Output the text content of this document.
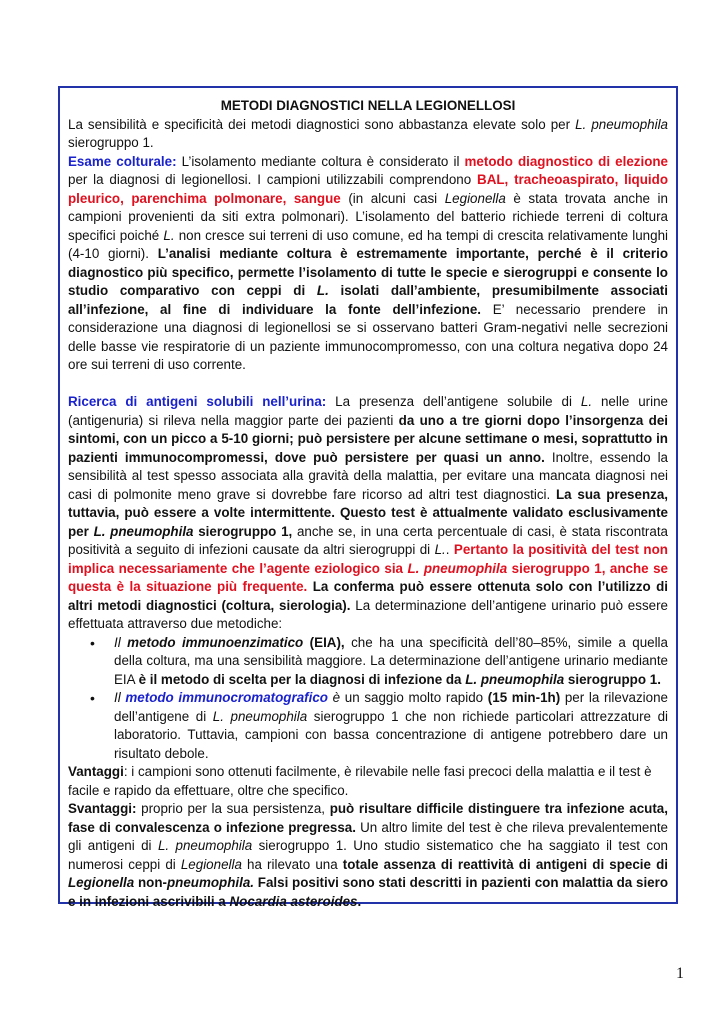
METODI DIAGNOSTICI NELLA LEGIONELLOSI
La sensibilità e specificità dei metodi diagnostici sono abbastanza elevate solo per L. pneumophila sierogruppo 1.
Esame colturale: L’isolamento mediante coltura è considerato il metodo diagnostico di elezione per la diagnosi di legionellosi. I campioni utilizzabili comprendono BAL, tracheoaspirato, liquido pleurico, parenchima polmonare, sangue (in alcuni casi Legionella è stata trovata anche in campioni provenienti da siti extra polmonari). L’isolamento del batterio richiede terreni di coltura specifici poiché L. non cresce sui terreni di uso comune, ed ha tempi di crescita relativamente lunghi (4-10 giorni). L’analisi mediante coltura è estremamente importante, perché è il criterio diagnostico più specifico, permette l’isolamento di tutte le specie e sierogruppi e consente lo studio comparativo con ceppi di L. isolati dall’ambiente, presumibilmente associati all’infezione, al fine di individuare la fonte dell’infezione. E’ necessario prendere in considerazione una diagnosi di legionellosi se si osservano batteri Gram-negativi nelle secrezioni delle basse vie respiratorie di un paziente immunocompromesso, con una coltura negativa dopo 24 ore sui terreni di uso corrente.
Ricerca di antigeni solubili nell’urina: La presenza dell’antigene solubile di L. nelle urine (antigenuria) si rileva nella maggior parte dei pazienti da uno a tre giorni dopo l’insorgenza dei sintomi, con un picco a 5-10 giorni; può persistere per alcune settimane o mesi, soprattutto in pazienti immunocompromessi, dove può persistere per quasi un anno. Inoltre, essendo la sensibilità al test spesso associata alla gravità della malattia, per evitare una mancata diagnosi nei casi di polmonite meno grave si dovrebbe fare ricorso ad altri test diagnostici. La sua presenza, tuttavia, può essere a volte intermittente. Questo test è attualmente validato esclusivamente per L. pneumophila sierogruppo 1, anche se, in una certa percentuale di casi, è stata riscontrata positività a seguito di infezioni causate da altri sierogruppi di L.. Pertanto la positività del test non implica necessariamente che l’agente eziologico sia L. pneumophila sierogruppo 1, anche se questa è la situazione più frequente. La conferma può essere ottenuta solo con l’utilizzo di altri metodi diagnostici (coltura, sierologia). La determinazione dell’antigene urinario può essere effettuata attraverso due metodiche:
• Il metodo immunoenzimatico (EIA), che ha una specificità dell’80–85%, simile a quella della coltura, ma una sensibilità maggiore. La determinazione dell’antigene urinario mediante EIA è il metodo di scelta per la diagnosi di infezione da L. pneumophila sierogruppo 1.
• Il metodo immunocromatografico è un saggio molto rapido (15 min-1h) per la rilevazione dell’antigene di L. pneumophila sierogruppo 1 che non richiede particolari attrezzature di laboratorio. Tuttavia, campioni con bassa concentrazione di antigene potrebbero dare un risultato debole.
Vantaggi: i campioni sono ottenuti facilmente, è rilevabile nelle fasi precoci della malattia e il test è facile e rapido da effettuare, oltre che specifico.
Svantaggi: proprio per la sua persistenza, può risultare difficile distinguere tra infezione acuta, fase di convalescenza o infezione pregressa. Un altro limite del test è che rileva prevalentemente gli antigeni di L. pneumophila sierogruppo 1. Uno studio sistematico che ha saggiato il test con numerosi ceppi di Legionella ha rilevato una totale assenza di reattività di antigeni di specie di Legionella non-pneumophila. Falsi positivi sono stati descritti in pazienti con malattia da siero e in infezioni ascrivibili a Nocardia asteroides.
1
